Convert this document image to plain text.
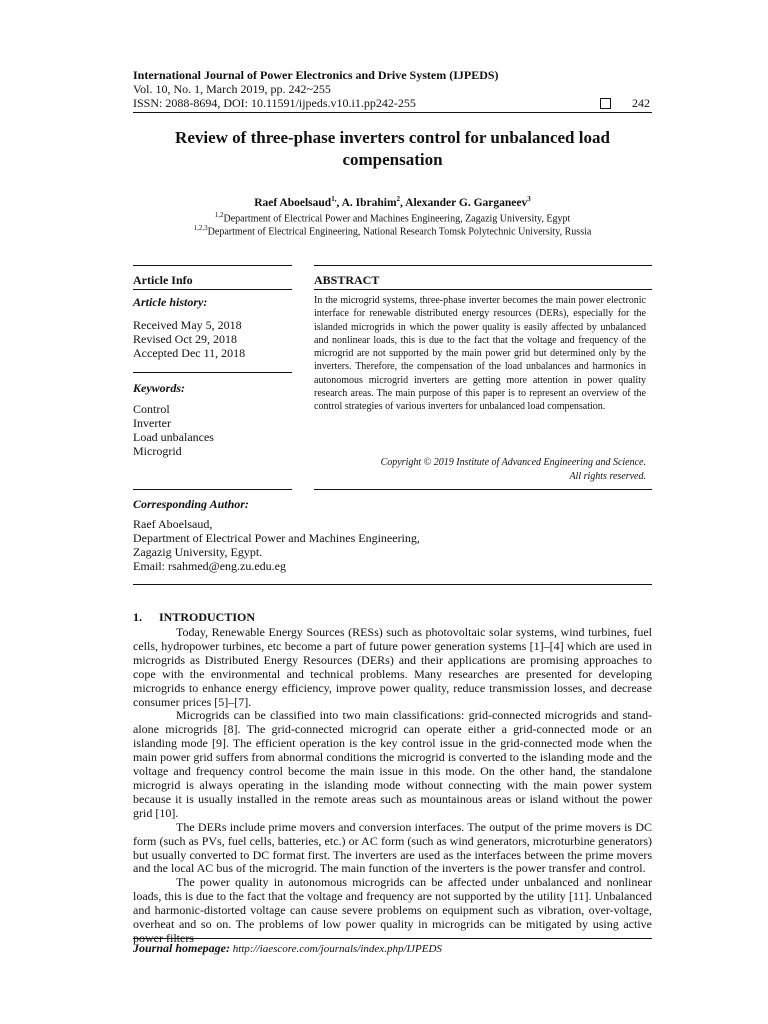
International Journal of Power Electronics and Drive System (IJPEDS)
Vol. 10, No. 1, March 2019, pp. 242~255
ISSN: 2088-8694, DOI: 10.11591/ijpeds.v10.i1.pp242-255	242
Review of three-phase inverters control for unbalanced load
compensation
Raef Aboelsaud$^{1,}$, A. Ibrahim$^2$, Alexander G. Garganeev$^3$
$^{1,2}$Department of Electrical Power and Machines Engineering, Zagazig University, Egypt
$^{1,2,3}$Department of Electrical Engineering, National Research Tomsk Polytechnic University, Russia
Article Info	ABSTRACT
Article history:
Received May 5, 2018
Revised Oct 29, 2018
Accepted Dec 11, 2018
Keywords:
Control
Inverter
Load unbalances
Microgrid
In the microgrid systems, three-phase inverter becomes the main power electronic interface for renewable distributed energy resources (DERs), especially for the islanded microgrids in which the power quality is easily affected by unbalanced and nonlinear loads, this is due to the fact that the voltage and frequency of the microgrid are not supported by the main power grid but determined only by the inverters. Therefore, the compensation of the load unbalances and harmonics in autonomous microgrid inverters are getting more attention in power quality research areas. The main purpose of this paper is to represent an overview of the control strategies of various inverters for unbalanced load compensation.
Copyright © 2019 Institute of Advanced Engineering and Science.
All rights reserved.
Corresponding Author:
Raef Aboelsaud,
Department of Electrical Power and Machines Engineering,
Zagazig University, Egypt.
Email: rsahmed@eng.zu.edu.eg
1. INTRODUCTION

Today, Renewable Energy Sources (RESs) such as photovoltaic solar systems, wind turbines, fuel cells, hydropower turbines, etc become a part of future power generation systems [1]–[4] which are used in microgrids as Distributed Energy Resources (DERs) and their applications are promising approaches to cope with the environmental and technical problems. Many researches are presented for developing microgrids to enhance energy efficiency, improve power quality, reduce transmission losses, and decrease consumer prices [5]–[7].

Microgrids can be classified into two main classifications: grid-connected microgrids and stand-alone microgrids [8]. The grid-connected microgrid can operate either a grid-connected mode or an islanding mode [9]. The efficient operation is the key control issue in the grid-connected mode when the main power grid suffers from abnormal conditions the microgrid is converted to the islanding mode and the voltage and frequency control become the main issue in this mode. On the other hand, the standalone microgrid is always operating in the islanding mode without connecting with the main power system because it is usually installed in the remote areas such as mountainous areas or island without the power grid [10].

The DERs include prime movers and conversion interfaces. The output of the prime movers is DC form (such as PVs, fuel cells, batteries, etc.) or AC form (such as wind generators, microturbine generators) but usually converted to DC format first. The inverters are used as the interfaces between the prime movers and the local AC bus of the microgrid. The main function of the inverters is the power transfer and control.

The power quality in autonomous microgrids can be affected under unbalanced and nonlinear loads, this is due to the fact that the voltage and frequency are not supported by the utility [11]. Unbalanced and harmonic-distorted voltage can cause severe problems on equipment such as vibration, over-voltage, overheat and so on. The problems of low power quality in microgrids can be mitigated by using active power filters

Journal homepage: http://iaescore.com/journals/index.php/IJPEDS
